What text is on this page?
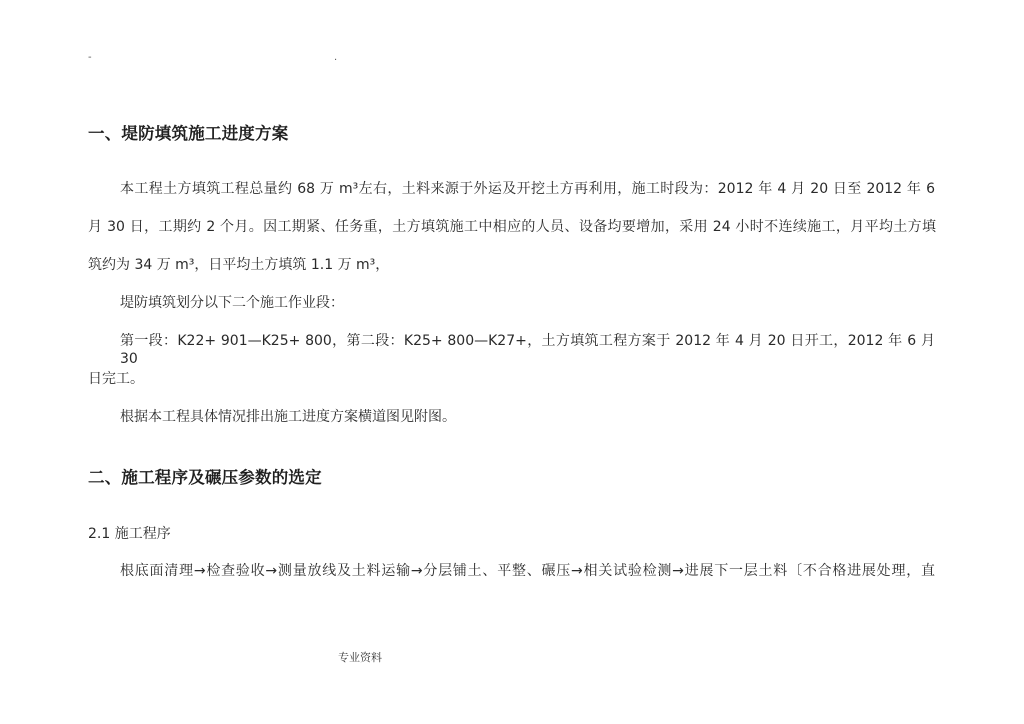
-	.
一、堤防填筑施工进度方案
本工程土方填筑工程总量约 68 万 m³左右，土料来源于外运及开挖土方再利用，施工时段为：2012 年 4 月 20 日至 2012 年 6
月 30 日，工期约 2 个月。因工期紧、任务重，土方填筑施工中相应的人员、设备均要增加，采用 24 小时不连续施工，月平均土方填
筑约为 34 万 m³，日平均土方填筑 1.1 万 m³，
堤防填筑划分以下二个施工作业段：
第一段：K22+ 901—K25+ 800，第二段：K25+ 800—K27+，土方填筑工程方案于 2012 年 4 月 20 日开工，2012 年 6 月 30
日完工。
根据本工程具体情况排出施工进度方案横道图见附图。
二、施工程序及碾压参数的选定
2.1 施工程序
根底面清理→检查验收→测量放线及土料运输→分层铺土、平整、碾压→相关试验检测→进展下一层土料〔不合格进展处理，直
专业资料
